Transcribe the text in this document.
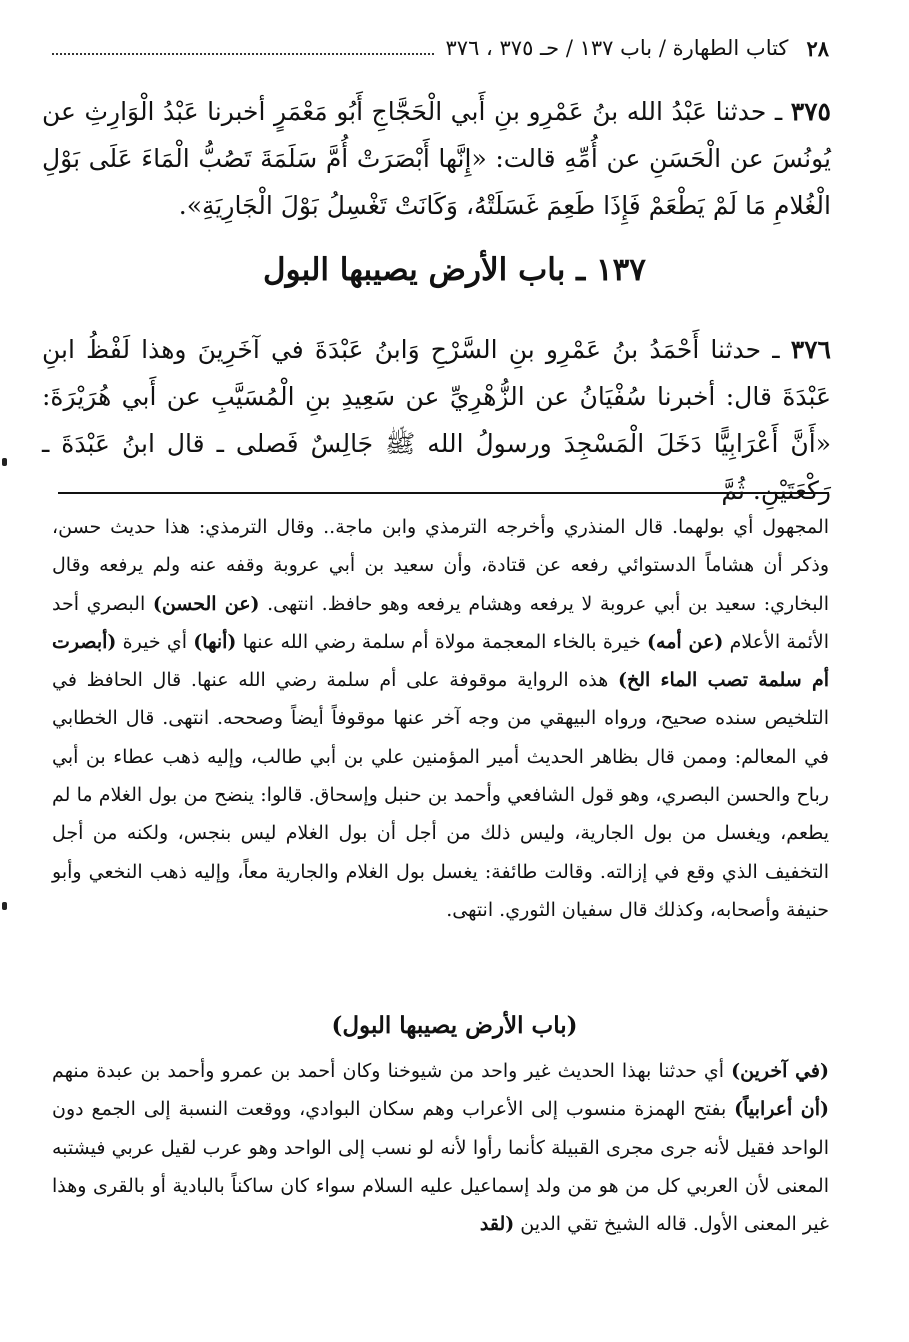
٢٨
كتاب الطهارة / باب ١٣٧ / حـ ٣٧٥ ، ٣٧٦
٣٧٥ ـ حدثنا عَبْدُ الله بنُ عَمْرِو بنِ أَبي الْحَجَّاجِ أَبُو مَعْمَرٍ أخبرنا عَبْدُ الْوَارِثِ عن يُونُسَ عن الْحَسَنِ عن أُمِّهِ قالت: «إِنَّها أَبْصَرَتْ أُمَّ سَلَمَةَ تَصُبُّ الْمَاءَ عَلَى بَوْلِ الْغُلامِ مَا لَمْ يَطْعَمْ فَإِذَا طَعِمَ غَسَلَتْهُ، وَكَانَتْ تَغْسِلُ بَوْلَ الْجَارِيَةِ».
١٣٧ ـ باب الأرض يصيبها البول
٣٧٦ ـ حدثنا أَحْمَدُ بنُ عَمْرِو بنِ السَّرْحِ وَابنُ عَبْدَةَ في آخَرِينَ وهذا لَفْظُ ابنِ عَبْدَةَ قال: أخبرنا سُفْيَانُ عن الزُّهْرِيِّ عن سَعِيدِ بنِ الْمُسَيَّبِ عن أَبي هُرَيْرَةَ: «أَنَّ أَعْرَابِيًّا دَخَلَ الْمَسْجِدَ ورسولُ الله ﷺ جَالِسٌ فَصلى ـ قال ابنُ عَبْدَةَ ـ رَكْعَتَيْنِ. ثُمَّ
المجهول أي بولهما. قال المنذري وأخرجه الترمذي وابن ماجة.. وقال الترمذي: هذا حديث حسن، وذكر أن هشاماً الدستوائي رفعه عن قتادة، وأن سعيد بن أبي عروبة وقفه عنه ولم يرفعه وقال البخاري: سعيد بن أبي عروبة لا يرفعه وهشام يرفعه وهو حافظ. انتهى. (عن الحسن) البصري أحد الأئمة الأعلام (عن أمه) خيرة بالخاء المعجمة مولاة أم سلمة رضي الله عنها (أنها) أي خيرة (أبصرت أم سلمة تصب الماء الخ) هذه الرواية موقوفة على أم سلمة رضي الله عنها. قال الحافظ في التلخيص سنده صحيح، ورواه البيهقي من وجه آخر عنها موقوفاً أيضاً وصححه. انتهى. قال الخطابي في المعالم: وممن قال بظاهر الحديث أمير المؤمنين علي بن أبي طالب، وإليه ذهب عطاء بن أبي رباح والحسن البصري، وهو قول الشافعي وأحمد بن حنبل وإسحاق. قالوا: ينضح من بول الغلام ما لم يطعم، ويغسل من بول الجارية، وليس ذلك من أجل أن بول الغلام ليس بنجس، ولكنه من أجل التخفيف الذي وقع في إزالته. وقالت طائفة: يغسل بول الغلام والجارية معاً، وإليه ذهب النخعي وأبو حنيفة وأصحابه، وكذلك قال سفيان الثوري. انتهى.
(باب الأرض يصيبها البول)
(في آخرين) أي حدثنا بهذا الحديث غير واحد من شيوخنا وكان أحمد بن عمرو وأحمد بن عبدة منهم (أن أعرابياً) بفتح الهمزة منسوب إلى الأعراب وهم سكان البوادي، ووقعت النسبة إلى الجمع دون الواحد فقيل لأنه جرى مجرى القبيلة كأنما رأوا لأنه لو نسب إلى الواحد وهو عرب لقيل عربي فيشتبه المعنى لأن العربي كل من هو من ولد إسماعيل عليه السلام سواء كان ساكناً بالبادية أو بالقرى وهذا غير المعنى الأول. قاله الشيخ تقي الدين (لقد
